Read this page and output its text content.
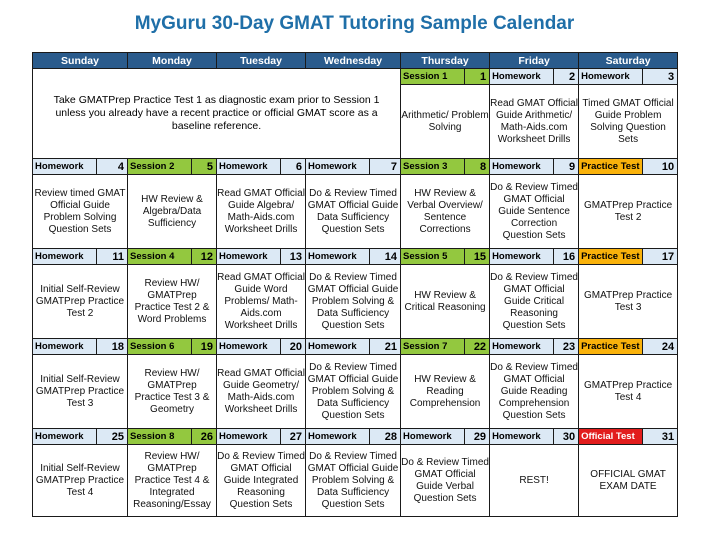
MyGuru 30-Day GMAT Tutoring Sample Calendar
Sunday		Monday		Tuesday		Wednesday		Thursday		Friday		Saturday	
Take GMATPrep Practice Test 1 as diagnostic exam prior to Session 1 unless you already have a recent practice or official GMAT score as a baseline reference.								Session 1	1	Homework	2	Homework	3
								Arithmetic/ Problem Solving		Read GMAT Official Guide Arithmetic/ Math-Aids.com Worksheet Drills		Timed GMAT Official Guide Problem Solving Question Sets	
Homework	4	Session 2	5	Homework	6	Homework	7	Session 3	8	Homework	9	Practice Test	10
Review timed GMAT Official Guide Problem Solving Question Sets		HW Review & Algebra/Data Sufficiency		Read GMAT Official Guide Algebra/ Math-Aids.com Worksheet Drills		Do & Review Timed GMAT Official Guide Data Sufficiency Question Sets		HW Review & Verbal Overview/ Sentence Corrections		Do & Review Timed GMAT Official Guide Sentence Correction Question Sets		GMATPrep Practice Test 2	
Homework	11	Session 4	12	Homework	13	Homework	14	Session 5	15	Homework	16	Practice Test	17
Initial Self-Review GMATPrep Practice Test 2		Review HW/ GMATPrep Practice Test 2 & Word Problems		Read GMAT Official Guide Word Problems/ Math-Aids.com Worksheet Drills		Do & Review Timed GMAT Official Guide Problem Solving & Data Sufficiency Question Sets		HW Review & Critical Reasoning		Do & Review Timed GMAT Official Guide Critical Reasoning Question Sets		GMATPrep Practice Test 3	
Homework	18	Session 6	19	Homework	20	Homework	21	Session 7	22	Homework	23	Practice Test	24
Initial Self-Review GMATPrep Practice Test 3		Review HW/ GMATPrep Practice Test 3 & Geometry		Read GMAT Official Guide Geometry/ Math-Aids.com Worksheet Drills		Do & Review Timed GMAT Official Guide Problem Solving & Data Sufficiency Question Sets		HW Review & Reading Comprehension		Do & Review Timed GMAT Official Guide Reading Comprehension Question Sets		GMATPrep Practice Test 4	
Homework	25	Session 8	26	Homework	27	Homework	28	Homework	29	Homework	30	Official Test	31
Initial Self-Review GMATPrep Practice Test 4		Review HW/ GMATPrep Practice Test 4 & Integrated Reasoning/Essay		Do & Review Timed GMAT Official Guide Integrated Reasoning Question Sets		Do & Review Timed GMAT Official Guide Problem Solving & Data Sufficiency Question Sets		Do & Review Timed GMAT Official Guide Verbal Question Sets		REST!		OFFICIAL GMAT EXAM DATE	
